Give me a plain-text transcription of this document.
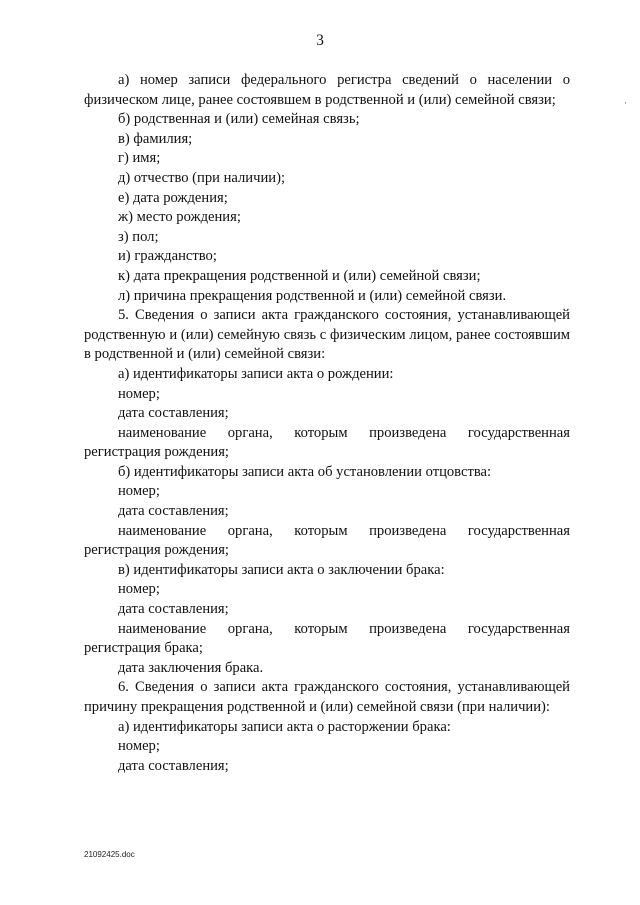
3

а) номер записи федерального регистра сведений о населении о физическом лице, ранее состоявшем в родственной и (или) семейной связи;

б) родственная и (или) семейная связь;

в) фамилия;

г) имя;

д) отчество (при наличии);

е) дата рождения;

ж) место рождения;

з) пол;

и) гражданство;

к) дата прекращения родственной и (или) семейной связи;

л) причина прекращения родственной и (или) семейной связи.

5. Сведения о записи акта гражданского состояния, устанавливающей родственную и (или) семейную связь с физическим лицом, ранее состоявшим в родственной и (или) семейной связи:

а) идентификаторы записи акта о рождении:

номер;

дата составления;

наименование органа, которым произведена государственная регистрация рождения;

б) идентификаторы записи акта об установлении отцовства:

номер;

дата составления;

наименование органа, которым произведена государственная регистрация рождения;

в) идентификаторы записи акта о заключении брака:

номер;

дата составления;

наименование органа, которым произведена государственная регистрация брака;

дата заключения брака.

6. Сведения о записи акта гражданского состояния, устанавливающей причину прекращения родственной и (или) семейной связи (при наличии):

а) идентификаторы записи акта о расторжении брака:

номер;

дата составления;

·
21092425.doc
